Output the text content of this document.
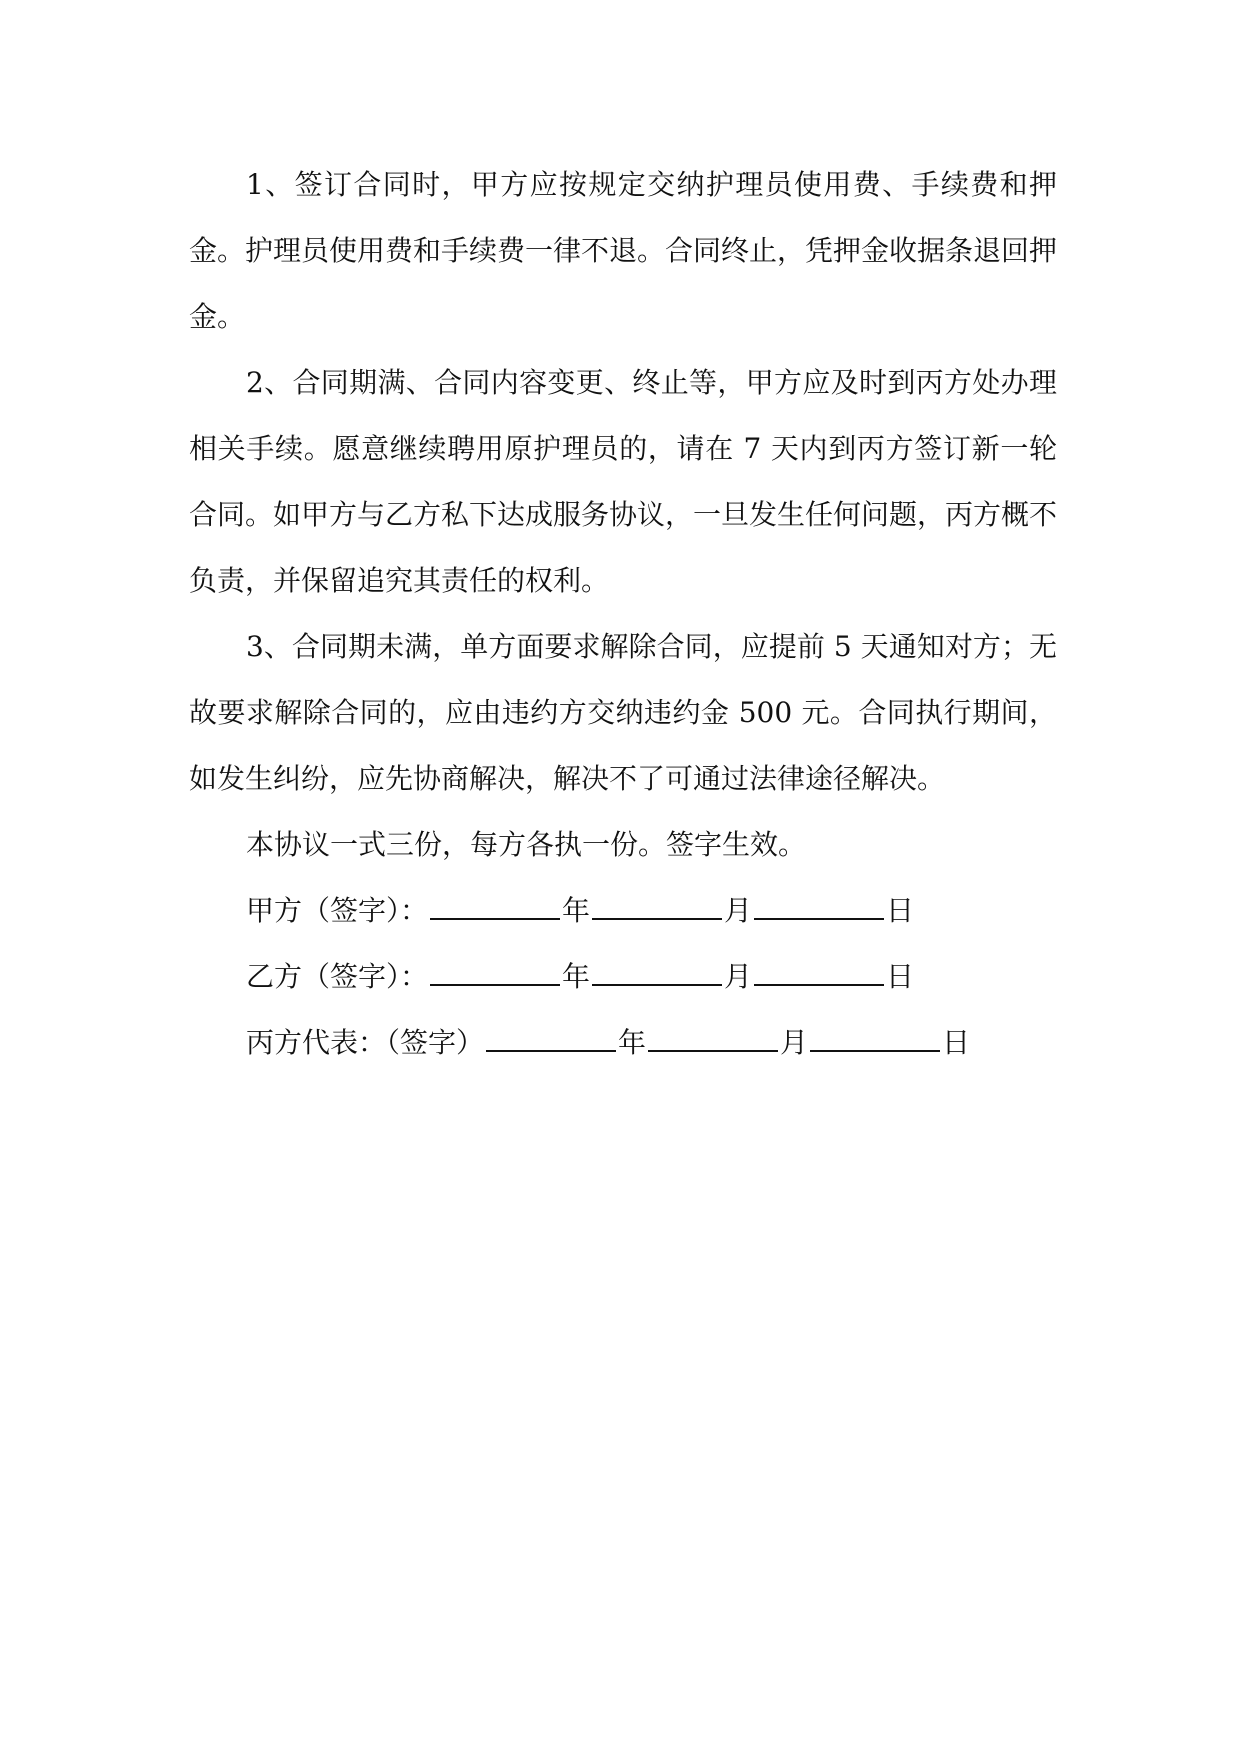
1、签订合同时，甲方应按规定交纳护理员使用费、手续费和押金。护理员使用费和手续费一律不退。合同终止，凭押金收据条退回押金。

2、合同期满、合同内容变更、终止等，甲方应及时到丙方处办理相关手续。愿意继续聘用原护理员的，请在 7 天内到丙方签订新一轮合同。如甲方与乙方私下达成服务协议，一旦发生任何问题，丙方概不负责，并保留追究其责任的权利。

3、合同期未满，单方面要求解除合同，应提前 5 天通知对方；无故要求解除合同的，应由违约方交纳违约金 500 元。合同执行期间，如发生纠纷，应先协商解决，解决不了可通过法律途径解决。

本协议一式三份，每方各执一份。签字生效。

甲方（签字）：	年	月	日

乙方（签字）：	年	月	日

丙方代表：（签字）	年	月	日
